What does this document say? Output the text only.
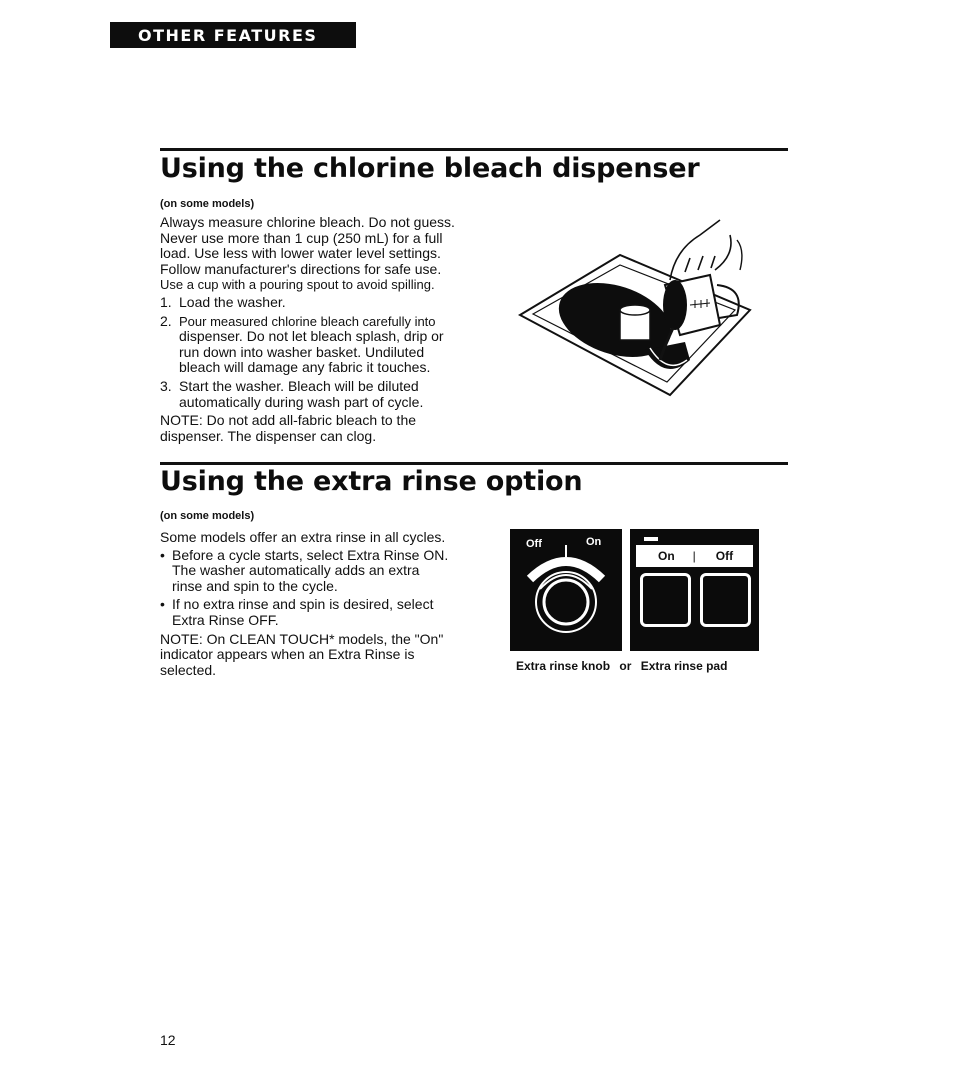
OTHER FEATURES
Using the chlorine bleach dispenser
(on some models)

Always measure chlorine bleach. Do not guess.

Never use more than 1 cup (250 mL) for a full

load. Use less with lower water level settings.

Follow manufacturer's directions for safe use.

Use a cup with a pouring spout to avoid spilling.

1. Load the washer.

2. Pour measured chlorine bleach carefully into

dispenser. Do not let bleach splash, drip or

run down into washer basket. Undiluted

bleach will damage any fabric it touches.

3. Start the washer. Bleach will be diluted

automatically during wash part of cycle.

NOTE: Do not add all-fabric bleach to the

dispenser. The dispenser can clog.

Using the extra rinse option
(on some models)

Some models offer an extra rinse in all cycles.

• Before a cycle starts, select Extra Rinse ON.

The washer automatically adds an extra

rinse and spin to the cycle.

• If no extra rinse and spin is desired, select

Extra Rinse OFF.

NOTE: On CLEAN TOUCH* models, the "On"

indicator appears when an Extra Rinse is

selected.

Off	On
On | Off
Extra rinse knob or Extra rinse pad
12
